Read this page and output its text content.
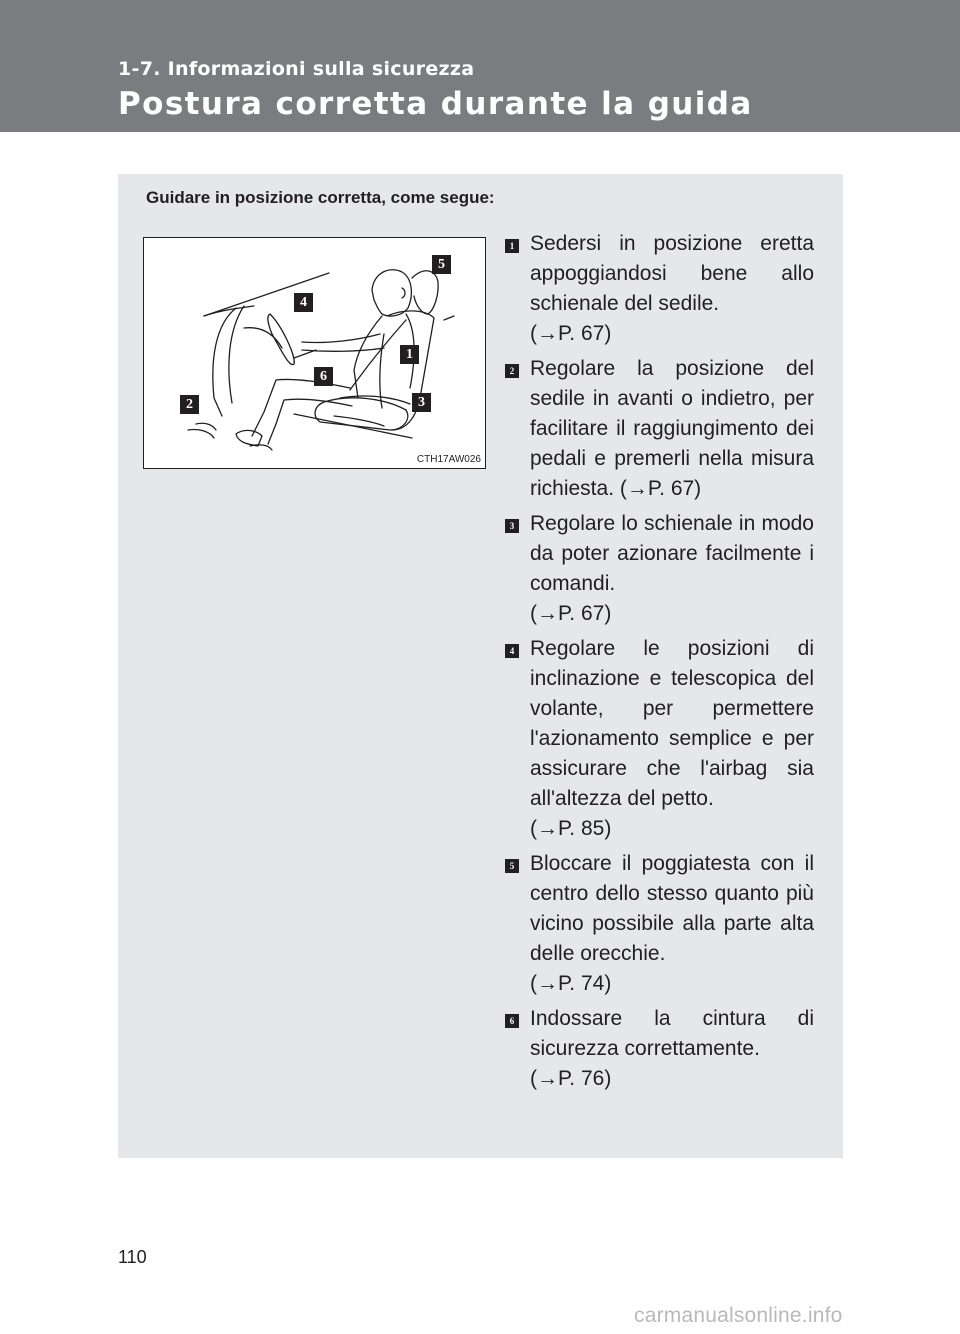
1-7. Informazioni sulla sicurezza
Postura corretta durante la guida
Guidare in posizione corretta, come segue:
5
4
1
6
2	3
CTH17AW026
1 Sedersi in posizione eretta appoggiandosi bene allo schienale del sedile.
(→P. 67)
2 Regolare la posizione del sedile in avanti o indietro, per facilitare il raggiungimento dei pedali e premerli nella misura richiesta. (→P. 67)
3 Regolare lo schienale in modo da poter azionare facilmente i comandi.
(→P. 67)
4 Regolare le posizioni di inclinazione e telescopica del volante, per permettere l'azionamento semplice e per assicurare che l'airbag sia all'altezza del petto.
(→P. 85)
5 Bloccare il poggiatesta con il centro dello stesso quanto più vicino possibile alla parte alta delle orecchie.
(→P. 74)
6 Indossare la cintura di sicurezza correttamente.
(→P. 76)
110
carmanualsonline.info
